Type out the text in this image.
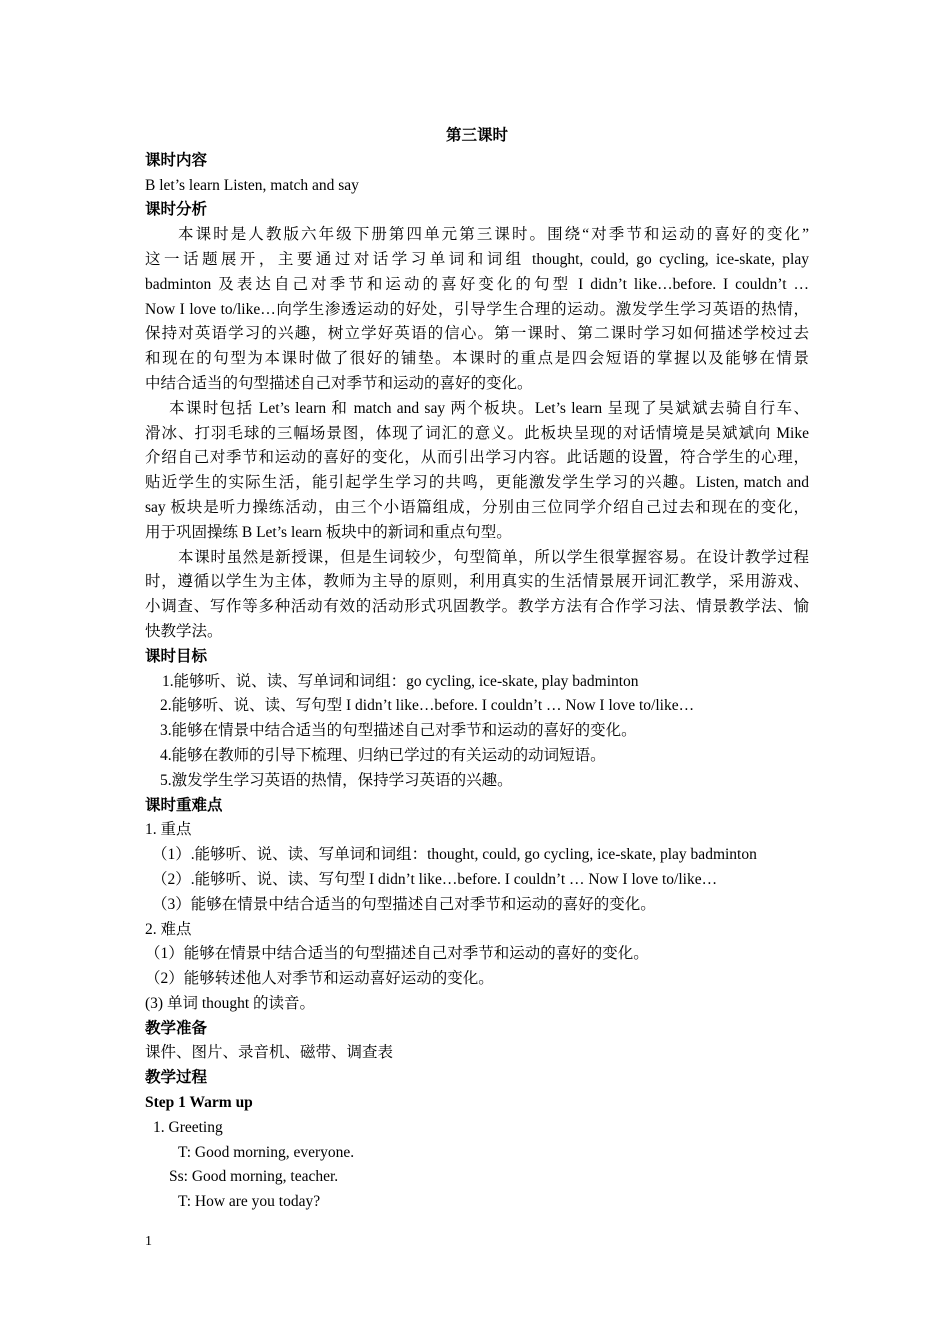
第三课时
课时内容
B let’s learn Listen, match and say
课时分析
本课时是人教版六年级下册第四单元第三课时。围绕“对季节和运动的喜好的变化”
这一话题展开，主要通过对话学习单词和词组 thought, could, go cycling, ice-skate, play
badminton 及表达自己对季节和运动的喜好变化的句型 I didn’t like…before. I couldn’t …
Now I love to/like…向学生渗透运动的好处，引导学生合理的运动。激发学生学习英语的热情，
保持对英语学习的兴趣，树立学好英语的信心。第一课时、第二课时学习如何描述学校过去
和现在的句型为本课时做了很好的铺垫。本课时的重点是四会短语的掌握以及能够在情景
中结合适当的句型描述自己对季节和运动的喜好的变化。
本课时包括 Let’s learn 和 match and say 两个板块。Let’s learn 呈现了吴斌斌去骑自行车、
滑冰、打羽毛球的三幅场景图，体现了词汇的意义。此板块呈现的对话情境是吴斌斌向 Mike
介绍自己对季节和运动的喜好的变化，从而引出学习内容。此话题的设置，符合学生的心理，
贴近学生的实际生活，能引起学生学习的共鸣，更能激发学生学习的兴趣。Listen, match and
say 板块是听力操练活动，由三个小语篇组成，分别由三位同学介绍自己过去和现在的变化，
用于巩固操练 B Let’s learn 板块中的新词和重点句型。
本课时虽然是新授课，但是生词较少，句型简单，所以学生很掌握容易。在设计教学过程
时，遵循以学生为主体，教师为主导的原则，利用真实的生活情景展开词汇教学，采用游戏、
小调查、写作等多种活动有效的活动形式巩固教学。教学方法有合作学习法、情景教学法、愉
快教学法。
课时目标
1.能够听、说、读、写单词和词组：go cycling, ice-skate, play badminton
2.能够听、说、读、写句型 I didn’t like…before. I couldn’t … Now I love to/like…
3.能够在情景中结合适当的句型描述自己对季节和运动的喜好的变化。
4.能够在教师的引导下梳理、归纳已学过的有关运动的动词短语。
5.激发学生学习英语的热情，保持学习英语的兴趣。
课时重难点
1. 重点
（1）.能够听、说、读、写单词和词组：thought, could, go cycling, ice-skate, play badminton
（2）.能够听、说、读、写句型 I didn’t like…before. I couldn’t … Now I love to/like…
（3）能够在情景中结合适当的句型描述自己对季节和运动的喜好的变化。
2. 难点
（1）能够在情景中结合适当的句型描述自己对季节和运动的喜好的变化。
（2）能够转述他人对季节和运动喜好运动的变化。
(3) 单词 thought 的读音。
教学准备
课件、图片、录音机、磁带、调查表
教学过程
Step 1 Warm up
1. Greeting
T: Good morning, everyone.
Ss: Good morning, teacher.
T: How are you today?
1
